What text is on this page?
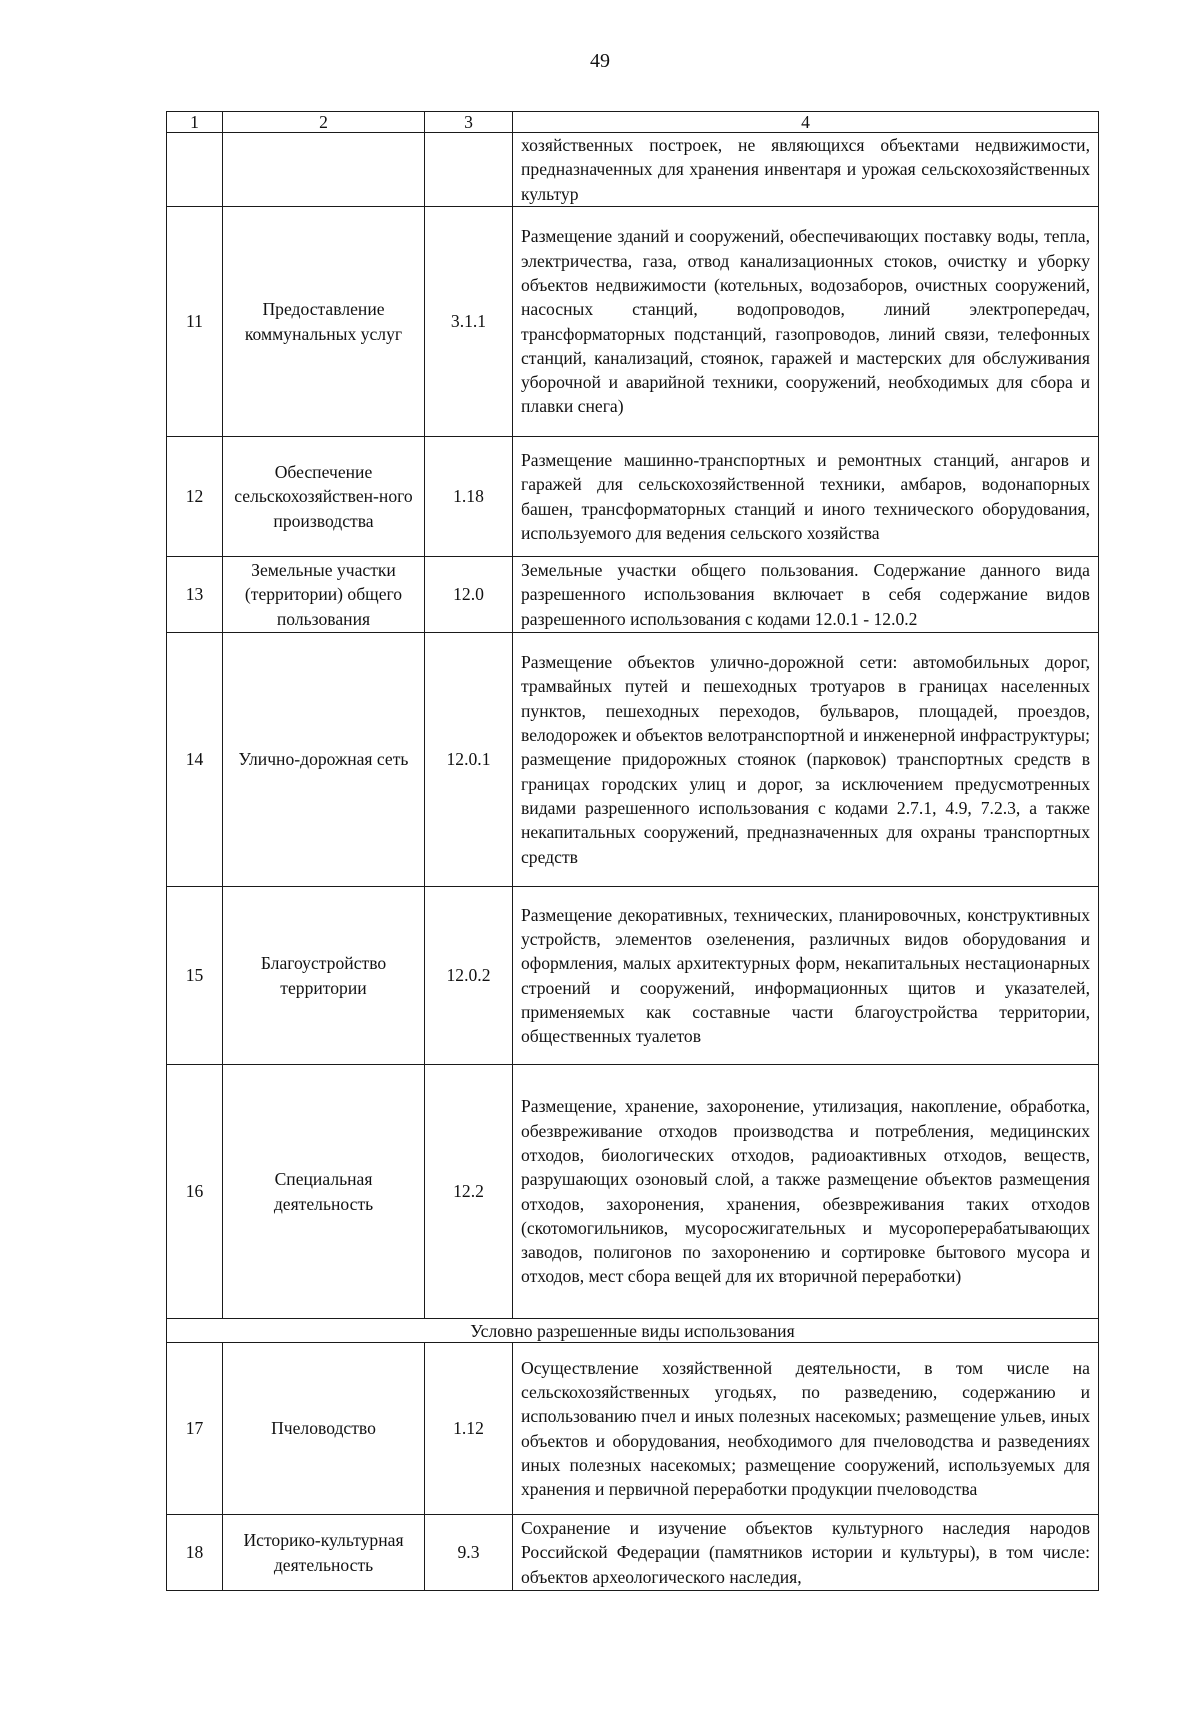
49
1	2	3	4
			хозяйственных построек, не являющихся объектами недвижимости, предназначенных для хранения инвентаря и урожая сельскохозяйственных культур
11	Предоставление коммунальных услуг	3.1.1	Размещение зданий и сооружений, обеспечивающих поставку воды, тепла, электричества, газа, отвод канализационных стоков, очистку и уборку объектов недвижимости (котельных, водозаборов, очистных сооружений, насосных станций, водопроводов, линий электропередач, трансформаторных подстанций, газопроводов, линий связи, телефонных станций, канализаций, стоянок, гаражей и мастерских для обслуживания уборочной и аварийной техники, сооружений, необходимых для сбора и плавки снега)
12	Обеспечение сельскохозяйствен-ного производства	1.18	Размещение машинно-транспортных и ремонтных станций, ангаров и гаражей для сельскохозяйственной техники, амбаров, водонапорных башен, трансформаторных станций и иного технического оборудования, используемого для ведения сельского хозяйства
13	Земельные участки (территории) общего пользования	12.0	Земельные участки общего пользования. Содержание данного вида разрешенного использования включает в себя содержание видов разрешенного использования с кодами 12.0.1 - 12.0.2
14	Улично-дорожная сеть	12.0.1	Размещение объектов улично-дорожной сети: автомобильных дорог, трамвайных путей и пешеходных тротуаров в границах населенных пунктов, пешеходных переходов, бульваров, площадей, проездов, велодорожек и объектов велотранспортной и инженерной инфраструктуры; размещение придорожных стоянок (парковок) транспортных средств в границах городских улиц и дорог, за исключением предусмотренных видами разрешенного использования с кодами 2.7.1, 4.9, 7.2.3, а также некапитальных сооружений, предназначенных для охраны транспортных средств
15	Благоустройство территории	12.0.2	Размещение декоративных, технических, планировочных, конструктивных устройств, элементов озеленения, различных видов оборудования и оформления, малых архитектурных форм, некапитальных нестационарных строений и сооружений, информационных щитов и указателей, применяемых как составные части благоустройства территории, общественных туалетов
16	Специальная деятельность	12.2	Размещение, хранение, захоронение, утилизация, накопление, обработка, обезвреживание отходов производства и потребления, медицинских отходов, биологических отходов, радиоактивных отходов, веществ, разрушающих озоновый слой, а также размещение объектов размещения отходов, захоронения, хранения, обезвреживания таких отходов (скотомогильников, мусоросжигательных и мусороперерабатывающих заводов, полигонов по захоронению и сортировке бытового мусора и отходов, мест сбора вещей для их вторичной переработки)
Условно разрешенные виды использования			
17	Пчеловодство	1.12	Осуществление хозяйственной деятельности, в том числе на сельскохозяйственных угодьях, по разведению, содержанию и использованию пчел и иных полезных насекомых; размещение ульев, иных объектов и оборудования, необходимого для пчеловодства и разведениях иных полезных насекомых; размещение сооружений, используемых для хранения и первичной переработки продукции пчеловодства
18	Историко-культурная деятельность	9.3	Сохранение и изучение объектов культурного наследия народов Российской Федерации (памятников истории и культуры), в том числе: объектов археологического наследия,
